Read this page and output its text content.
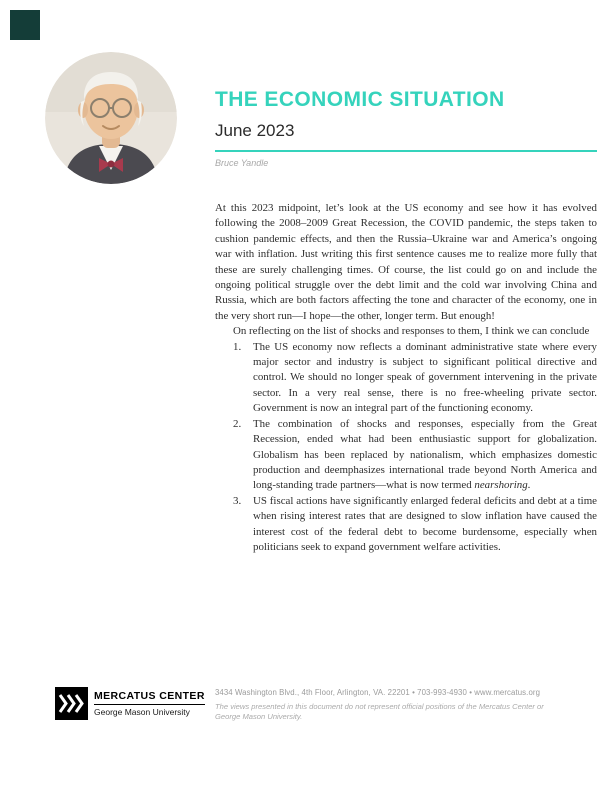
THE ECONOMIC SITUATION
June 2023
Bruce Yandle

At this 2023 midpoint, let’s look at the US economy and see how it has evolved following the 2008–2009 Great Recession, the COVID pandemic, the steps taken to cushion pandemic effects, and then the Russia–Ukraine war and America’s ongoing war with inflation. Just writing this first sentence causes me to realize more fully that these are surely challenging times. Of course, the list could go on and include the ongoing political struggle over the debt limit and the cold war involving China and Russia, which are both factors affecting the tone and character of the economy, one in the very short run—I hope—the other, longer term. But enough!

On reflecting on the list of shocks and responses to them, I think we can conclude

1.	The US economy now reflects a dominant administrative state where every major sector and industry is subject to significant political directive and control. We should no longer speak of government intervening in the private sector. In a very real sense, there is no free-wheeling private sector. Government is now an integral part of the functioning economy.
2.	The combination of shocks and responses, especially from the Great Recession, ended what had been enthusiastic support for globalization. Globalism has been replaced by nationalism, which emphasizes domestic production and deemphasizes international trade beyond North America and long-standing trade partners—what is now termed nearshoring.
3.	US fiscal actions have significantly enlarged federal deficits and debt at a time when rising interest rates that are designed to slow inflation have caused the interest cost of the federal debt to become burdensome, especially when politicians seek to expand government welfare activities.
MERCATUS CENTER
George Mason University
3434 Washington Blvd., 4th Floor, Arlington, VA. 22201 • 703-993-4930 • www.mercatus.org
The views presented in this document do not represent official positions of the Mercatus Center or George Mason University.
